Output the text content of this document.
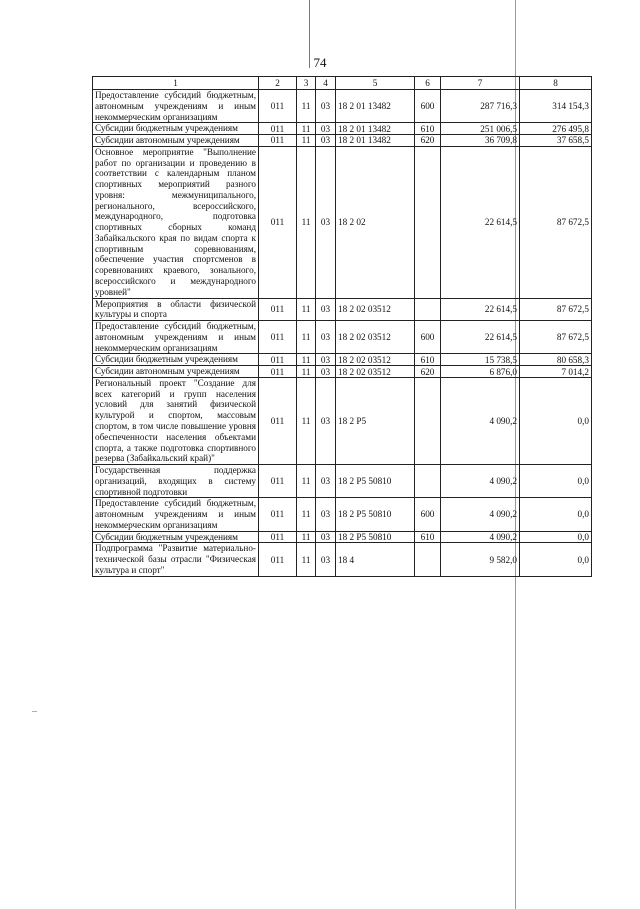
74
–
1	2	3	4	5	6	7	8
Предоставление субсидий бюджетным, автономным учреждениям и иным некоммерческим организациям	011	11	03	18 2 01 13482	600	287 716,3	314 154,3
Субсидии бюджетным учреждениям	011	11	03	18 2 01 13482	610	251 006,5	276 495,8
Субсидии автономным учреждениям	011	11	03	18 2 01 13482	620	36 709,8	37 658,5
Основное мероприятие "Выполнение работ по организации и проведению в соответствии с календарным планом спортивных мероприятий разного уровня: межмуниципального, регионального, всероссийского, международного, подготовка спортивных сборных команд Забайкальского края по видам спорта к спортивным соревнованиям, обеспечение участия спортсменов в соревнованиях краевого, зонального, всероссийского и международного уровней"	011	11	03	18 2 02		22 614,5	87 672,5
Мероприятия в области физической культуры и спорта	011	11	03	18 2 02 03512		22 614,5	87 672,5
Предоставление субсидий бюджетным, автономным учреждениям и иным некоммерческим организациям	011	11	03	18 2 02 03512	600	22 614,5	87 672,5
Субсидии бюджетным учреждениям	011	11	03	18 2 02 03512	610	15 738,5	80 658,3
Субсидии автономным учреждениям	011	11	03	18 2 02 03512	620	6 876,0	7 014,2
Региональный проект "Создание для всех категорий и групп населения условий для занятий физической культурой и спортом, массовым спортом, в том числе повышение уровня обеспеченности населения объектами спорта, а также подготовка спортивного резерва (Забайкальский край)"	011	11	03	18 2 P5		4 090,2	0,0
Государственная поддержка организаций, входящих в систему спортивной подготовки	011	11	03	18 2 P5 50810		4 090,2	0,0
Предоставление субсидий бюджетным, автономным учреждениям и иным некоммерческим организациям	011	11	03	18 2 P5 50810	600	4 090,2	0,0
Субсидии бюджетным учреждениям	011	11	03	18 2 P5 50810	610	4 090,2	0,0
Подпрограмма "Развитие материально-технической базы отрасли "Физическая культура и спорт"	011	11	03	18 4		9 582,0	0,0
